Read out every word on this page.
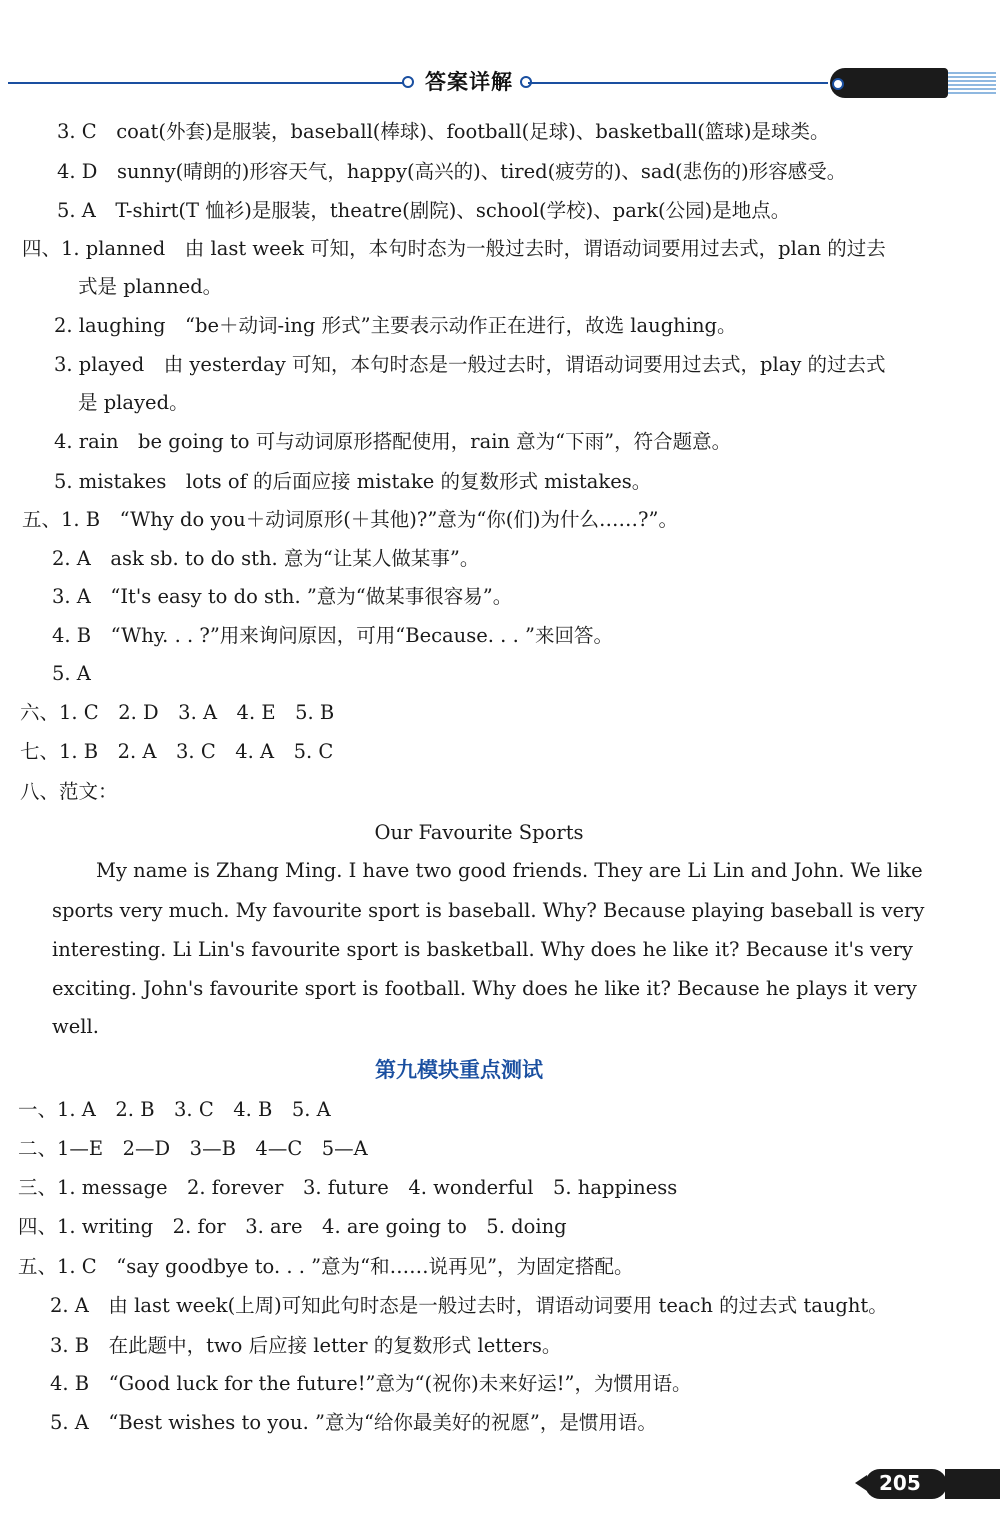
答案详解
3. C　coat(外套)是服装，baseball(棒球)、football(足球)、basketball(篮球)是球类。
4. D　sunny(晴朗的)形容天气，happy(高兴的)、tired(疲劳的)、sad(悲伤的)形容感受。
5. A　T-shirt(T 恤衫)是服装，theatre(剧院)、school(学校)、park(公园)是地点。
四、1. planned　由 last week 可知，本句时态为一般过去时，谓语动词要用过去式，plan 的过去
式是 planned。
2. laughing　“be＋动词-ing 形式”主要表示动作正在进行，故选 laughing。
3. played　由 yesterday 可知，本句时态是一般过去时，谓语动词要用过去式，play 的过去式
是 played。
4. rain　be going to 可与动词原形搭配使用，rain 意为“下雨”，符合题意。
5. mistakes　lots of 的后面应接 mistake 的复数形式 mistakes。
五、1. B　“Why do you＋动词原形(＋其他)?”意为“你(们)为什么……?”。
2. A　ask sb. to do sth. 意为“让某人做某事”。
3. A　“It's easy to do sth. ”意为“做某事很容易”。
4. B　“Why. . . ?”用来询问原因，可用“Because. . . ”来回答。
5. A
六、1. C　2. D　3. A　4. E　5. B
七、1. B　2. A　3. C　4. A　5. C
八、范文：
Our Favourite Sports
My name is Zhang Ming. I have two good friends. They are Li Lin and John. We like
sports very much. My favourite sport is baseball. Why? Because playing baseball is very
interesting. Li Lin's favourite sport is basketball. Why does he like it? Because it's very
exciting. John's favourite sport is football. Why does he like it? Because he plays it very
well.
第九模块重点测试
一、1. A　2. B　3. C　4. B　5. A
二、1—E　2—D　3—B　4—C　5—A
三、1. message　2. forever　3. future　4. wonderful　5. happiness
四、1. writing　2. for　3. are　4. are going to　5. doing
五、1. C　“say goodbye to. . . ”意为“和……说再见”，为固定搭配。
2. A　由 last week(上周)可知此句时态是一般过去时，谓语动词要用 teach 的过去式 taught。
3. B　在此题中，two 后应接 letter 的复数形式 letters。
4. B　“Good luck for the future!”意为“(祝你)未来好运!”，为惯用语。
5. A　“Best wishes to you. ”意为“给你最美好的祝愿”，是惯用语。
205
